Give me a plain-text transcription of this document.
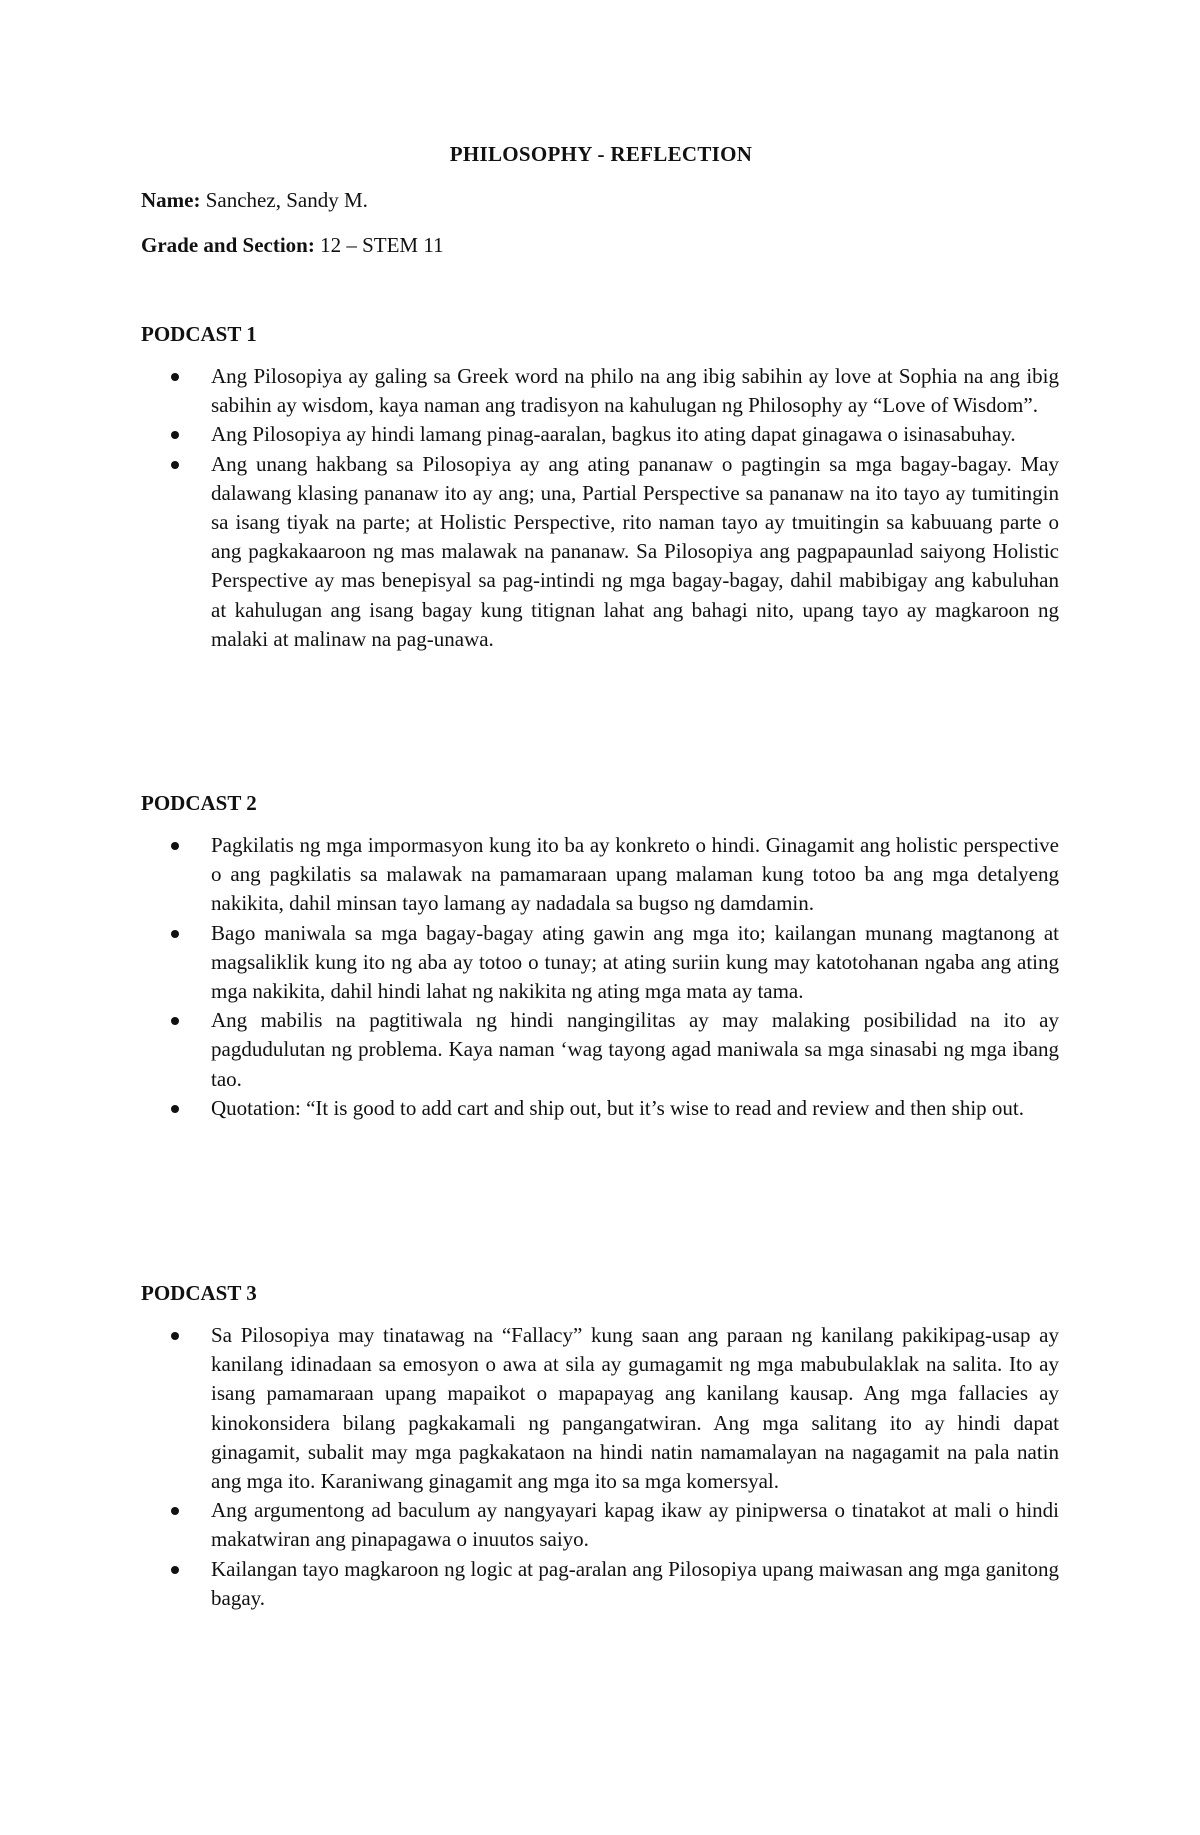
PHILOSOPHY - REFLECTION
Name: Sanchez, Sandy M.
Grade and Section: 12 – STEM 11
PODCAST 1
Ang Pilosopiya ay galing sa Greek word na philo na ang ibig sabihin ay love at Sophia na ang ibig sabihin ay wisdom, kaya naman ang tradisyon na kahulugan ng Philosophy ay “Love of Wisdom”.
Ang Pilosopiya ay hindi lamang pinag-aaralan, bagkus ito ating dapat ginagawa o isinasabuhay.
Ang unang hakbang sa Pilosopiya ay ang ating pananaw o pagtingin sa mga bagay-bagay. May dalawang klasing pananaw ito ay ang; una, Partial Perspective sa pananaw na ito tayo ay tumitingin sa isang tiyak na parte; at Holistic Perspective, rito naman tayo ay tmuitingin sa kabuuang parte o ang pagkakaaroon ng mas malawak na pananaw. Sa Pilosopiya ang pagpapaunlad saiyong Holistic Perspective ay mas benepisyal sa pag-intindi ng mga bagay-bagay, dahil mabibigay ang kabuluhan at kahulugan ang isang bagay kung titignan lahat ang bahagi nito, upang tayo ay magkaroon ng malaki at malinaw na pag-unawa.
PODCAST 2
Pagkilatis ng mga impormasyon kung ito ba ay konkreto o hindi. Ginagamit ang holistic perspective o ang pagkilatis sa malawak na pamamaraan upang malaman kung totoo ba ang mga detalyeng nakikita, dahil minsan tayo lamang ay nadadala sa bugso ng damdamin.
Bago maniwala sa mga bagay-bagay ating gawin ang mga ito; kailangan munang magtanong at magsaliklik kung ito ng aba ay totoo o tunay; at ating suriin kung may katotohanan ngaba ang ating mga nakikita, dahil hindi lahat ng nakikita ng ating mga mata ay tama.
Ang mabilis na pagtitiwala ng hindi nangingilitas ay may malaking posibilidad na ito ay pagdudulutan ng problema. Kaya naman ‘wag tayong agad maniwala sa mga sinasabi ng mga ibang tao.
Quotation: “It is good to add cart and ship out, but it’s wise to read and review and then ship out.
PODCAST 3
Sa Pilosopiya may tinatawag na “Fallacy” kung saan ang paraan ng kanilang pakikipag-usap ay kanilang idinadaan sa emosyon o awa at sila ay gumagamit ng mga mabubulaklak na salita. Ito ay isang pamamaraan upang mapaikot o mapapayag ang kanilang kausap. Ang mga fallacies ay kinokonsidera bilang pagkakamali ng pangangatwiran. Ang mga salitang ito ay hindi dapat ginagamit, subalit may mga pagkakataon na hindi natin namamalayan na nagagamit na pala natin ang mga ito. Karaniwang ginagamit ang mga ito sa mga komersyal.
Ang argumentong ad baculum ay nangyayari kapag ikaw ay pinipwersa o tinatakot at mali o hindi makatwiran ang pinapagawa o inuutos saiyo.
Kailangan tayo magkaroon ng logic at pag-aralan ang Pilosopiya upang maiwasan ang mga ganitong bagay.
